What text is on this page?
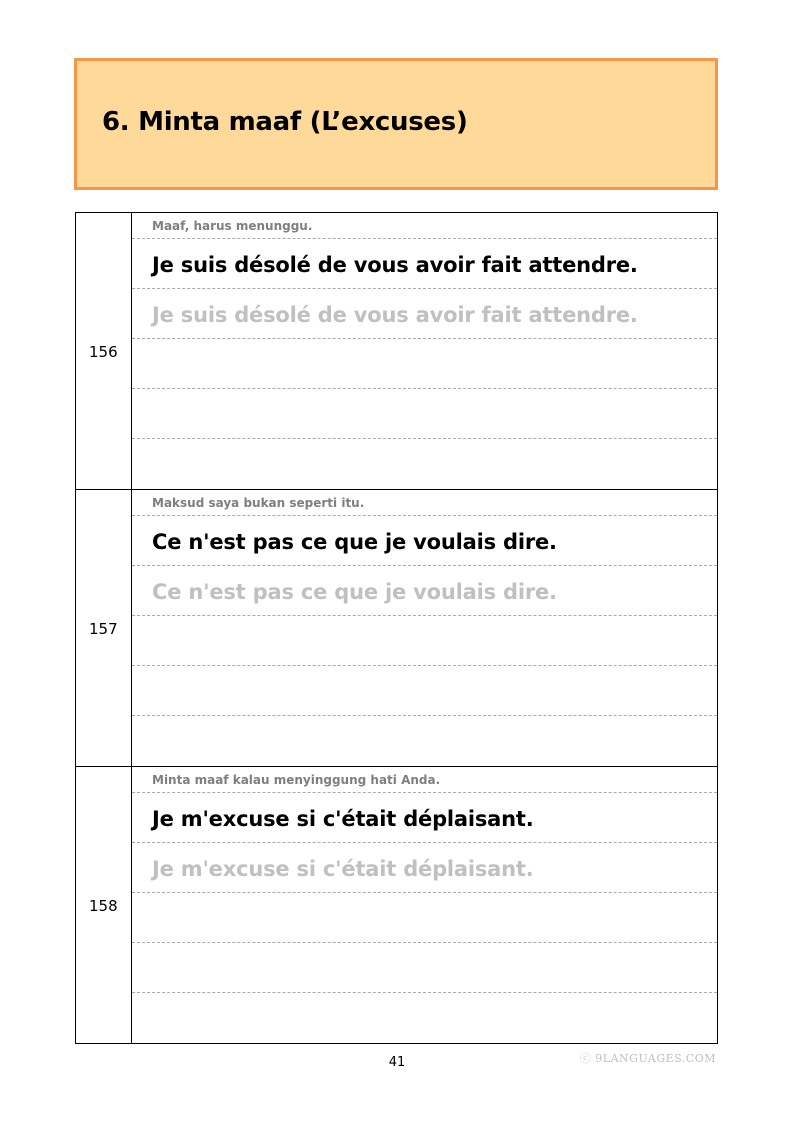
6. Minta maaf (L’excuses)
156
Maaf, harus menunggu.
Je suis désolé de vous avoir fait attendre.
Je suis désolé de vous avoir fait attendre.
157
Maksud saya bukan seperti itu.
Ce n'est pas ce que je voulais dire.
Ce n'est pas ce que je voulais dire.
158
Minta maaf kalau menyinggung hati Anda.
Je m'excuse si c'était déplaisant.
Je m'excuse si c'était déplaisant.
41	ⓒ 9LANGUAGES.COM
